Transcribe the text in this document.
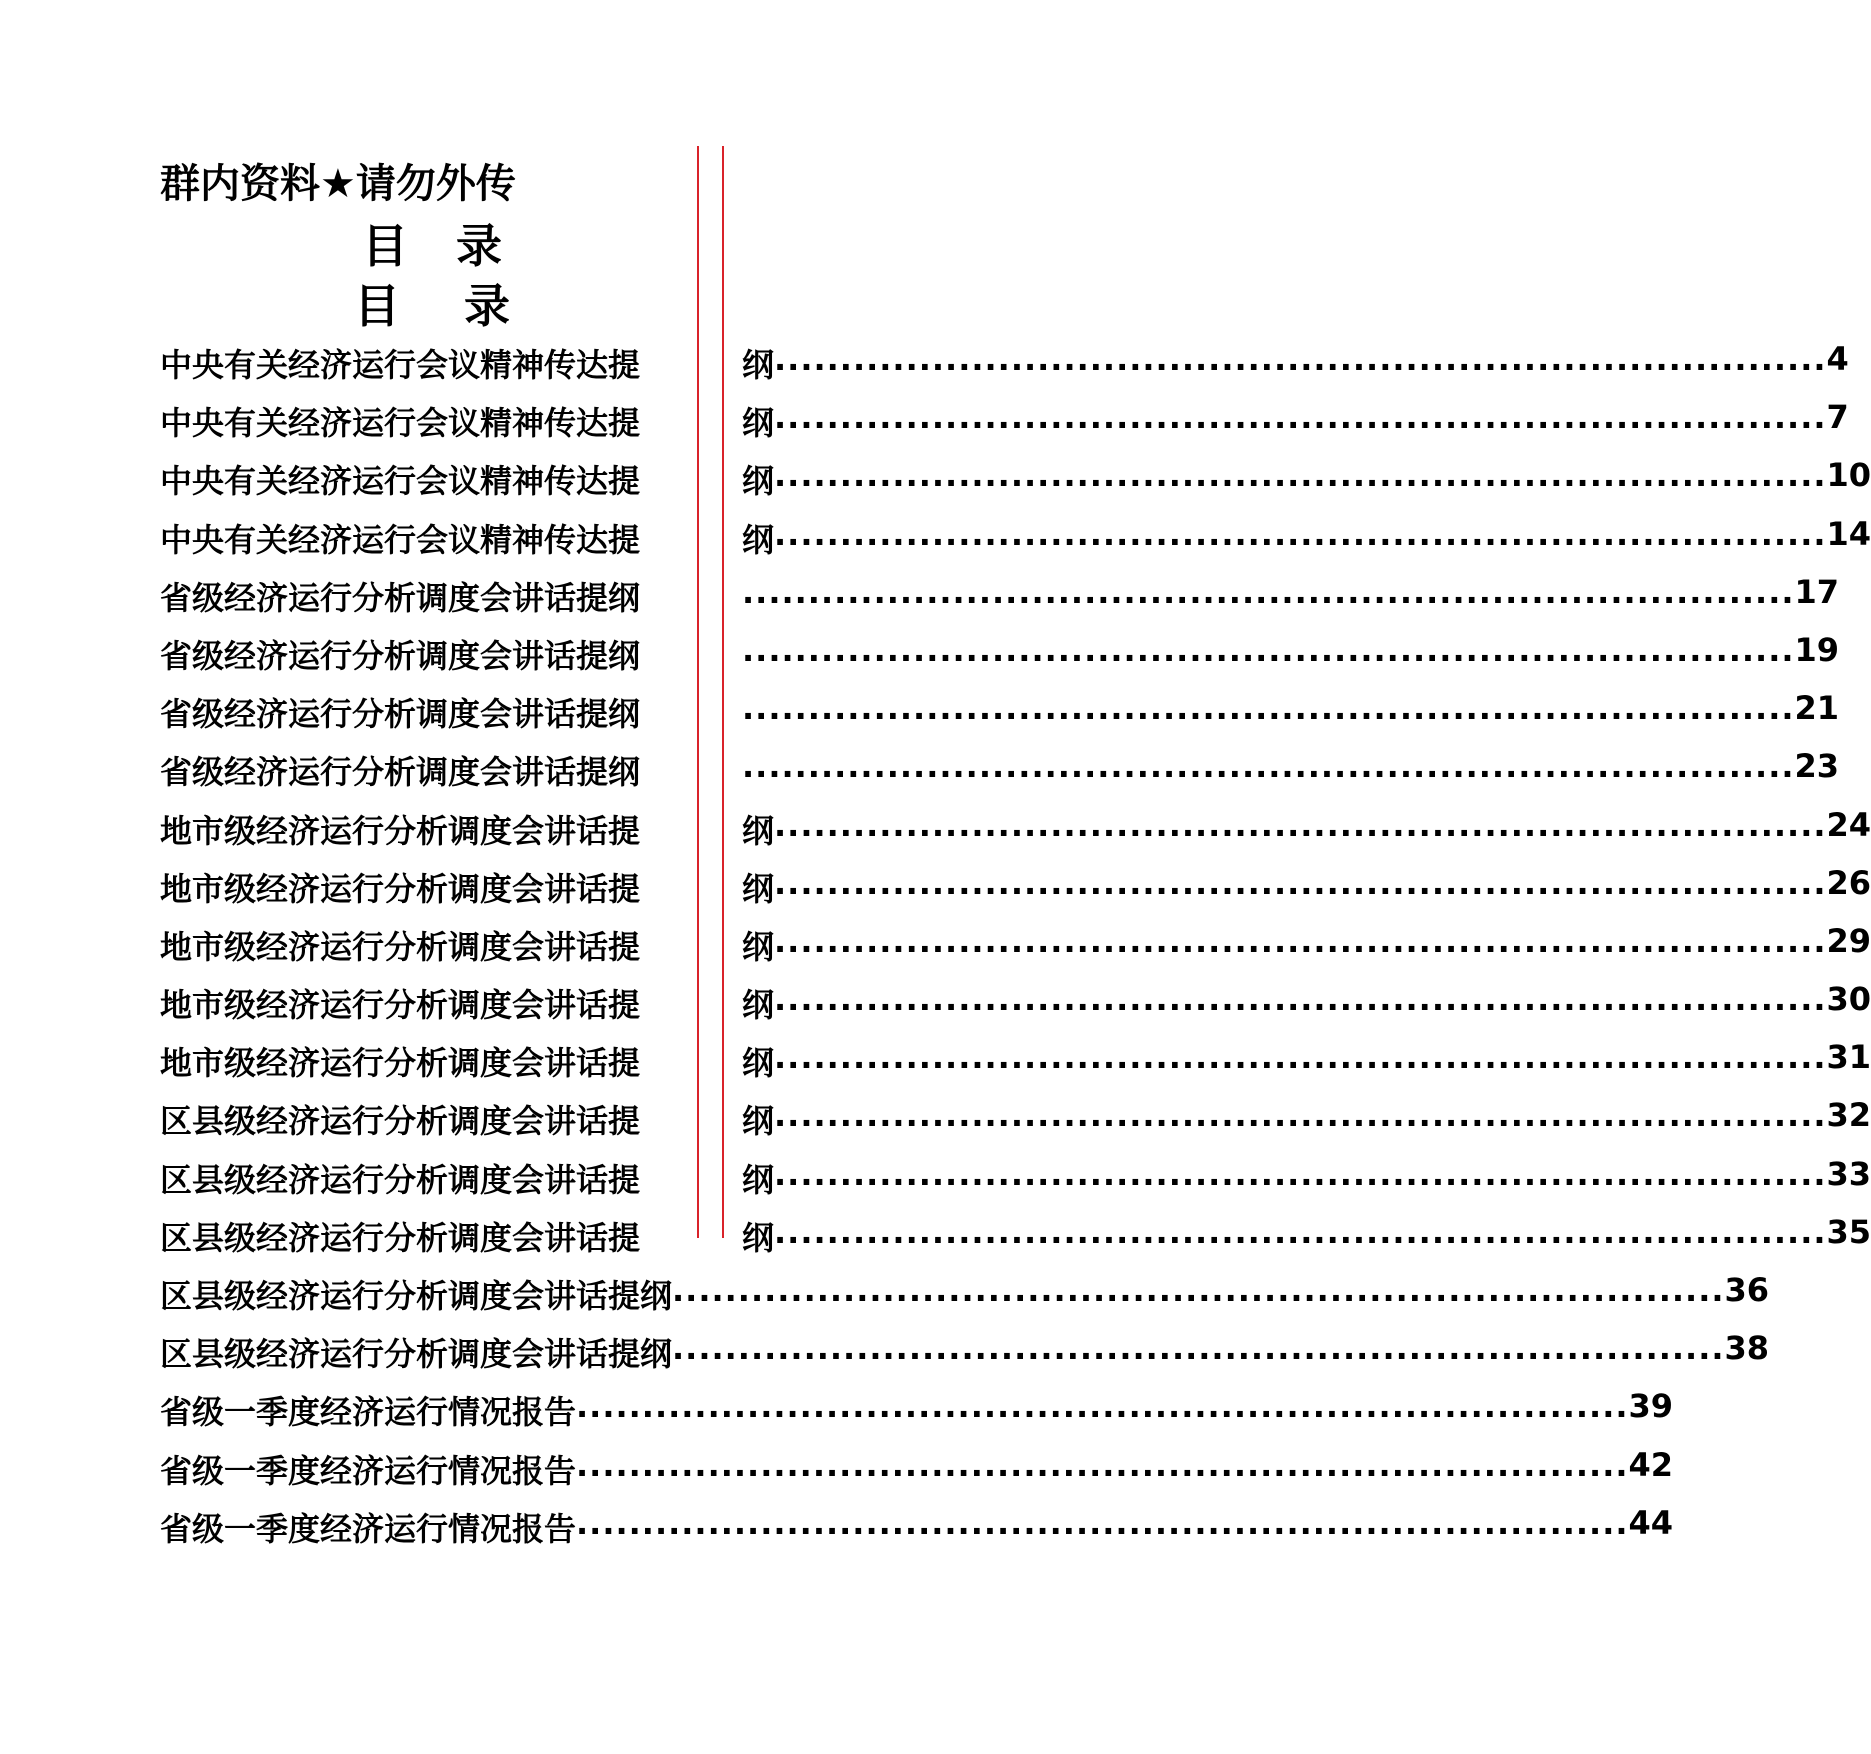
群内资料★请勿外传
目 录
目 录
中央有关经济运行会议精神传达提	纲 ................................................................................ 4
中央有关经济运行会议精神传达提	纲 ................................................................................ 7
中央有关经济运行会议精神传达提	纲 ................................................................................ 10
中央有关经济运行会议精神传达提	纲 ................................................................................ 14
省级经济运行分析调度会讲话提纲	................................................................................ 17
省级经济运行分析调度会讲话提纲	................................................................................ 19
省级经济运行分析调度会讲话提纲	................................................................................ 21
省级经济运行分析调度会讲话提纲	................................................................................ 23
地市级经济运行分析调度会讲话提	纲 ................................................................................ 24
地市级经济运行分析调度会讲话提	纲 ................................................................................ 26
地市级经济运行分析调度会讲话提	纲 ................................................................................ 29
地市级经济运行分析调度会讲话提	纲 ................................................................................ 30
地市级经济运行分析调度会讲话提	纲 ................................................................................ 31
区县级经济运行分析调度会讲话提	纲 ................................................................................ 32
区县级经济运行分析调度会讲话提	纲 ................................................................................ 33
区县级经济运行分析调度会讲话提	纲 ................................................................................ 35
区县级经济运行分析调度会讲话提纲 ................................................................................ 36
区县级经济运行分析调度会讲话提纲 ................................................................................ 38
省级一季度经济运行情况报告 ................................................................................ 39
省级一季度经济运行情况报告 ................................................................................ 42
省级一季度经济运行情况报告 ................................................................................ 44
